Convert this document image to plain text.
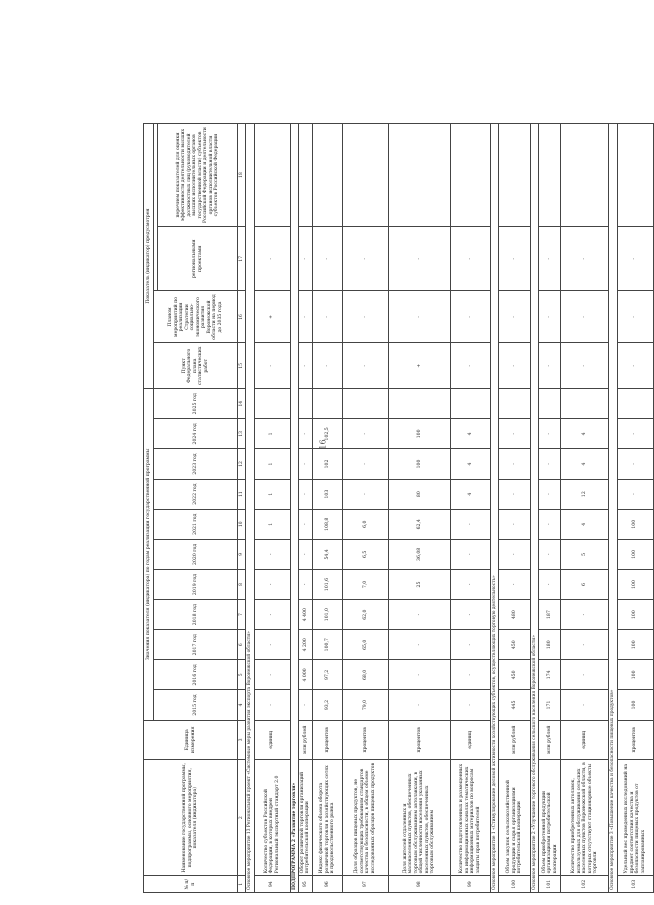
16
№ п/п	Наименование государственной программы, подпрограммы, основного мероприятия, показателя (индикатора)	Единица измерения	Значения показателя (индикатора) по годам реализации государственной программы											Показатель (индикатор) предусмотрен			
			2015 год	2016 год	2017 год	2018 год	2019 год	2020 год	2021 год	2022 год	2023 год	2024 год	2025 год	Пункт Федерального плана статистических работ	Планом мероприятий по реализации Стратегии социально-экономического развития Воронежской области на период до 2035 года		
																региональными проектами	перечнем показателей для оценки эффективности деятельности высших должностных лиц (руководителей высших исполнительных органов государственной власти) субъектов Российской Федерации и деятельности органов исполнительной власти субъектов Российской Федерации
1	2	3	4	5	6	7	8	9	10	11	12	13	14	15	16	17	18
Основное мероприятие 13 Региональный проект «Системные меры развития экспорта Воронежской области»																	
94	Количество субъектов Российской Федерации, в которых внедрен Региональный экспортный стандарт 2.0	единиц	-	-	-	-	-	-	1	1	1	1		-	+	-	
ПОДПРОГРАММА 2 «Развитие торговли»																	
95	Оборот розничной торговли организаций потребительской кооперации	млн рублей	-	4 000	4 200	4 400	-	-	-	-	-	-		-	-	-	
96	Индекс физического объема оборота розничной торговли в хозяйствующих сетях и продовольственного рынка	процентов	93,2	97,2	100,7	101,0	101,6	54,4	108,8	103	102	102,5		-	-	-	
97	Доля образцов пищевых продуктов, не соответствующих требованиям стандартов качества и безопасности, в общем объеме исследованных образцов пищевых продуктов	процентов	79,0	68,0	65,0	62,0	7,0	6,5	6,0	-	-	-		-	-	-	
98	Доля жителей отдаленных и малонаселенных пунктов, обеспеченных торговым обслуживанием автолавками, в общей численности населения указанных населенных пунктов, обеспеченных торговым обслуживанием	процентов	-	-	-	-	25	36,08	62,4	80	100	100		+	-	-	
99	Количество подготовленных и размещенных на информационных каналах тематических информационных материалов по вопросам защиты прав потребителей	единиц	-	-	-	-	-	-	-	4	4	4		-	-	-	
Основное мероприятие 1 «Стимулирование деловой активности хозяйствующих субъектов, осуществляющих торговую деятельность»																	
100	Объем закупок сельскохозяйственной продукции и сырья организациями потребительской кооперации	млн рублей	445	450	450	480	-	-	-	-	-	-		-	-	-	
Основное мероприятие 2 «Улучшение торгового обслуживания сельского населения Воронежской области»																	
101	Объем приобретенной продукции организациями потребительской кооперации	млн рублей	171	174	180	187	-	-	-	-	-	-		-	-	-	
102	Количество приобретенных автолавок, используемых для обслуживания сельских населенных пунктов Воронежской области, в которых отсутствуют стационарные объекты торговли	единиц	-	-	-	-	6	5	4	12	4	4		-	-	-	
Основное мероприятие 3 «Повышение качества и безопасности пищевых продуктов»																	
103	Удельный вес проведенных исследований на предмет соответствия качества и безопасности пищевых продуктов от запланированных	процентов	100	100	100	100	100	100	100	-	-	-		-	-	-	
